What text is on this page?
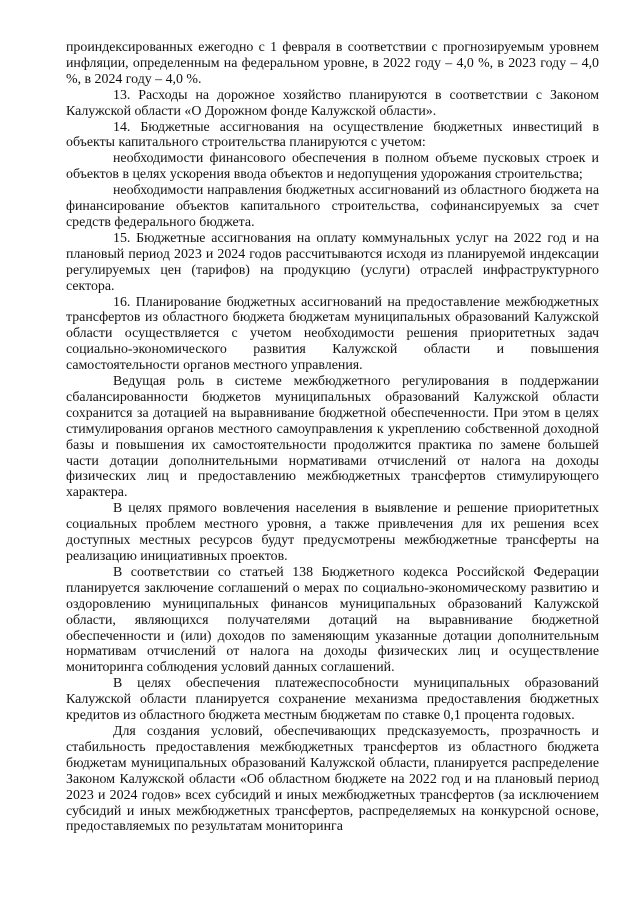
проиндексированных ежегодно с 1 февраля в соответствии с прогнозируемым уровнем инфляции, определенным на федеральном уровне, в 2022 году – 4,0 %, в 2023 году – 4,0 %, в 2024 году – 4,0 %.

13. Расходы на дорожное хозяйство планируются в соответствии с Законом Калужской области «О Дорожном фонде Калужской области».

14. Бюджетные ассигнования на осуществление бюджетных инвестиций в объекты капитального строительства планируются с учетом:

необходимости финансового обеспечения в полном объеме пусковых строек и объектов в целях ускорения ввода объектов и недопущения удорожания строительства;

необходимости направления бюджетных ассигнований из областного бюджета на финансирование объектов капитального строительства, софинансируемых за счет средств федерального бюджета.

15. Бюджетные ассигнования на оплату коммунальных услуг на 2022 год и на плановый период 2023 и 2024 годов рассчитываются исходя из планируемой индексации регулируемых цен (тарифов) на продукцию (услуги) отраслей инфраструктурного сектора.

16. Планирование бюджетных ассигнований на предоставление межбюджетных трансфертов из областного бюджета бюджетам муниципальных образований Калужской области осуществляется с учетом необходимости решения приоритетных задач социально-экономического развития Калужской области и повышения самостоятельности органов местного управления.

Ведущая роль в системе межбюджетного регулирования в поддержании сбалансированности бюджетов муниципальных образований Калужской области сохранится за дотацией на выравнивание бюджетной обеспеченности. При этом в целях стимулирования органов местного самоуправления к укреплению собственной доходной базы и повышения их самостоятельности продолжится практика по замене большей части дотации дополнительными нормативами отчислений от налога на доходы физических лиц и предоставлению межбюджетных трансфертов стимулирующего характера.

В целях прямого вовлечения населения в выявление и решение приоритетных социальных проблем местного уровня, а также привлечения для их решения всех доступных местных ресурсов будут предусмотрены межбюджетные трансферты на реализацию инициативных проектов.

В соответствии со статьей 138 Бюджетного кодекса Российской Федерации планируется заключение соглашений о мерах по социально-экономическому развитию и оздоровлению муниципальных финансов муниципальных образований Калужской области, являющихся получателями дотаций на выравнивание бюджетной обеспеченности и (или) доходов по заменяющим указанные дотации дополнительным нормативам отчислений от налога на доходы физических лиц и осуществление мониторинга соблюдения условий данных соглашений.

В целях обеспечения платежеспособности муниципальных образований Калужской области планируется сохранение механизма предоставления бюджетных кредитов из областного бюджета местным бюджетам по ставке 0,1 процента годовых.

Для создания условий, обеспечивающих предсказуемость, прозрачность и стабильность предоставления межбюджетных трансфертов из областного бюджета бюджетам муниципальных образований Калужской области, планируется распределение Законом Калужской области «Об областном бюджете на 2022 год и на плановый период 2023 и 2024 годов» всех субсидий и иных межбюджетных трансфертов (за исключением субсидий и иных межбюджетных трансфертов, распределяемых на конкурсной основе, предоставляемых по результатам мониторинга
